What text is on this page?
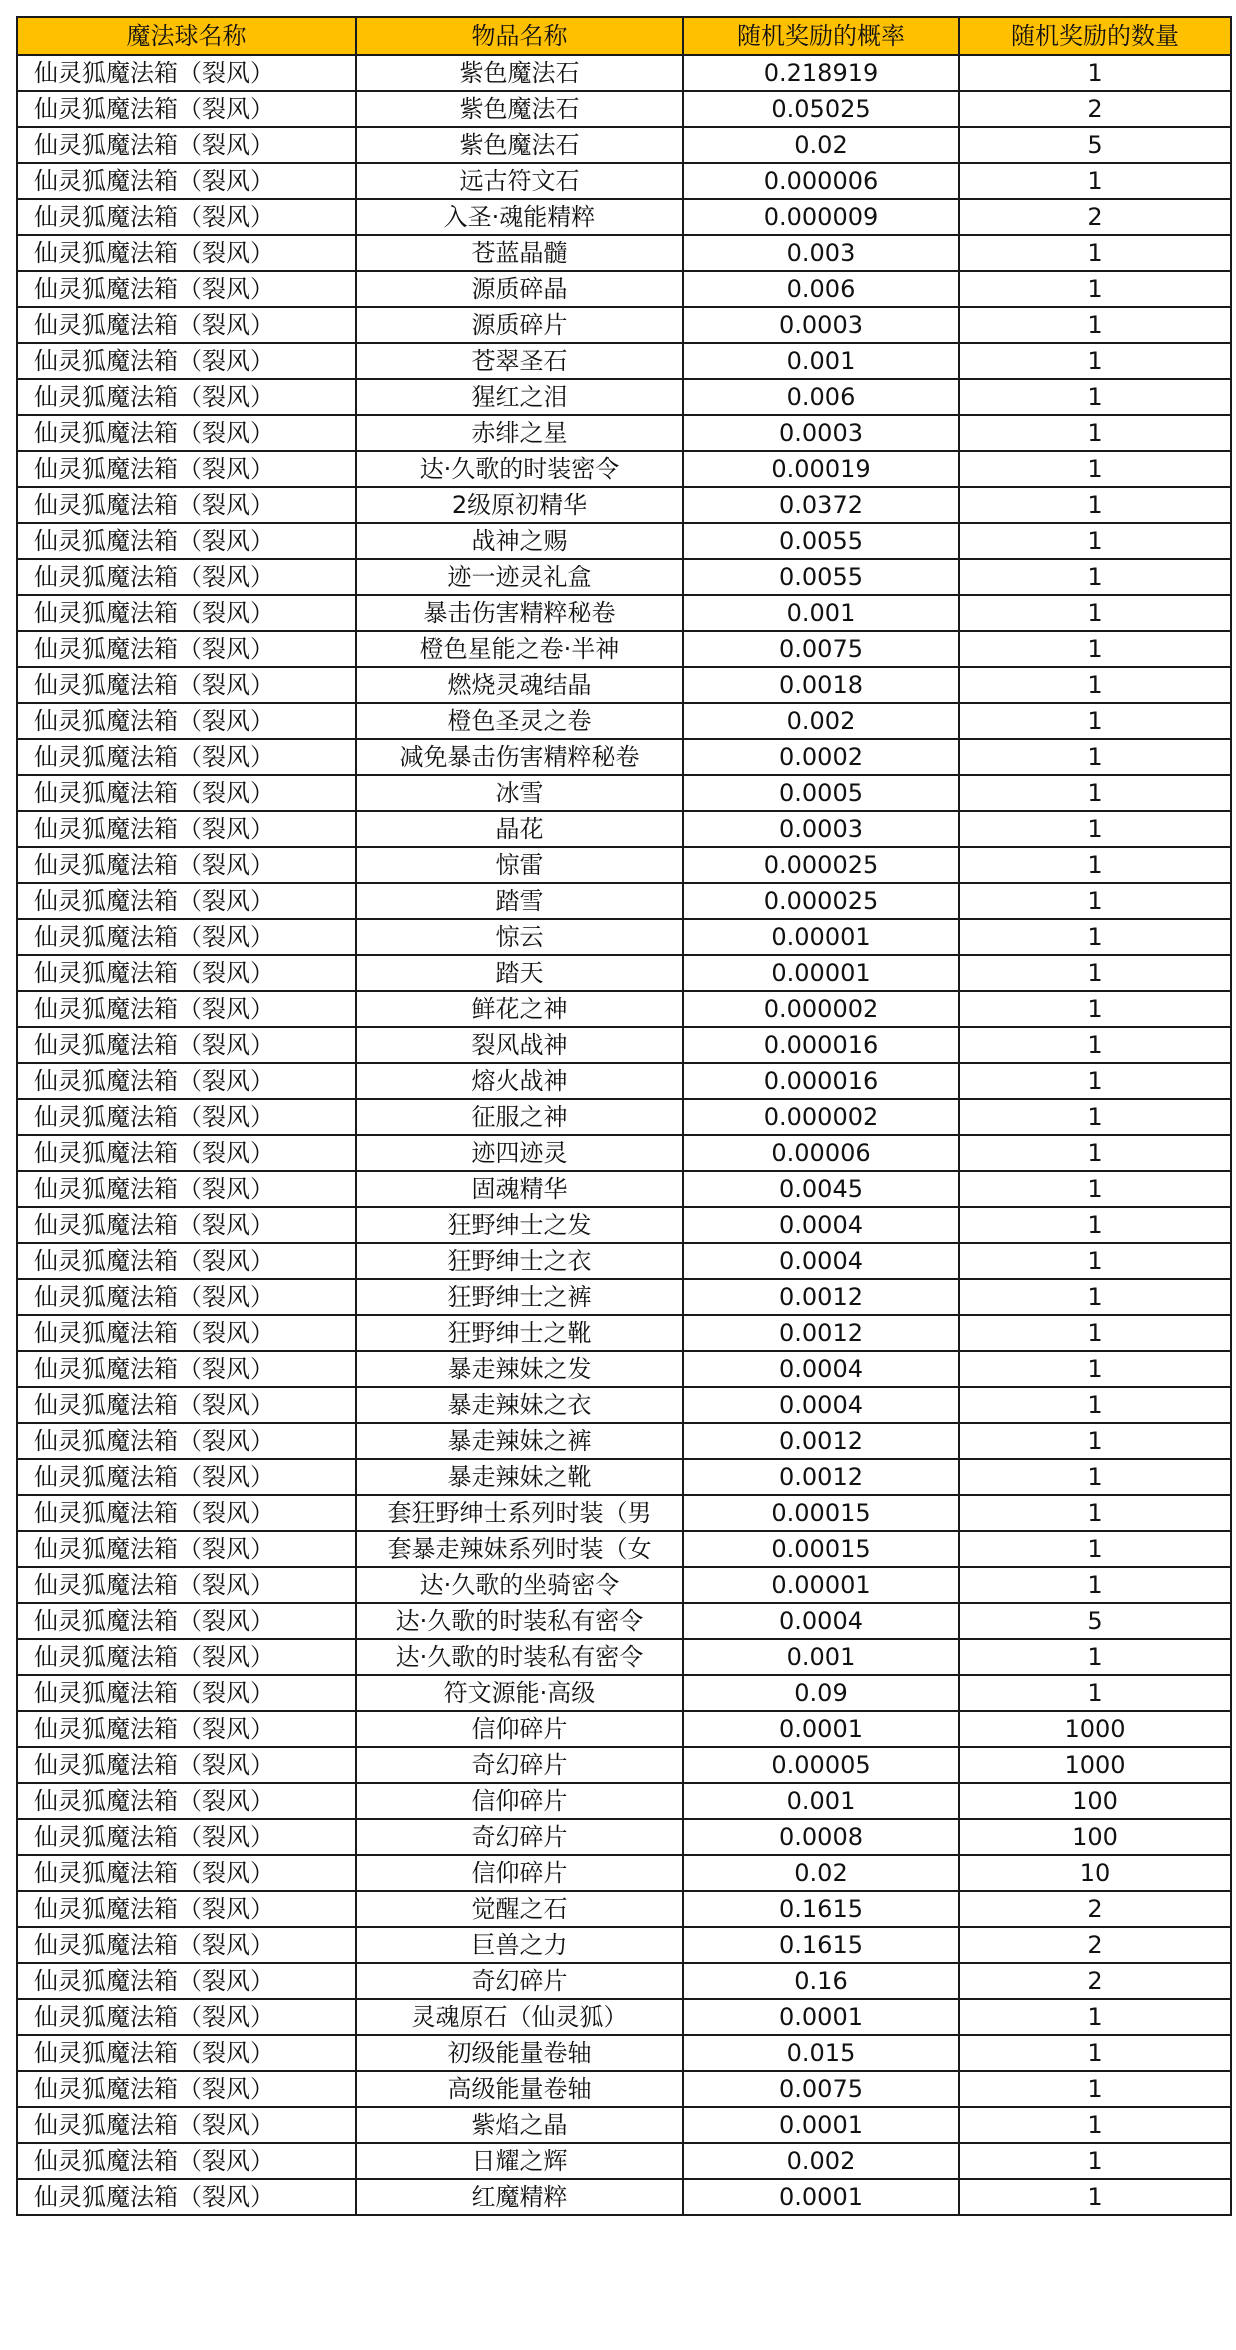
魔法球名称	物品名称	随机奖励的概率	随机奖励的数量
仙灵狐魔法箱（裂风）	紫色魔法石	0.218919	1
仙灵狐魔法箱（裂风）	紫色魔法石	0.05025	2
仙灵狐魔法箱（裂风）	紫色魔法石	0.02	5
仙灵狐魔法箱（裂风）	远古符文石	0.000006	1
仙灵狐魔法箱（裂风）	入圣·魂能精粹	0.000009	2
仙灵狐魔法箱（裂风）	苍蓝晶髓	0.003	1
仙灵狐魔法箱（裂风）	源质碎晶	0.006	1
仙灵狐魔法箱（裂风）	源质碎片	0.0003	1
仙灵狐魔法箱（裂风）	苍翠圣石	0.001	1
仙灵狐魔法箱（裂风）	猩红之泪	0.006	1
仙灵狐魔法箱（裂风）	赤绯之星	0.0003	1
仙灵狐魔法箱（裂风）	达·久歌的时装密令	0.00019	1
仙灵狐魔法箱（裂风）	2级原初精华	0.0372	1
仙灵狐魔法箱（裂风）	战神之赐	0.0055	1
仙灵狐魔法箱（裂风）	迹一迹灵礼盒	0.0055	1
仙灵狐魔法箱（裂风）	暴击伤害精粹秘卷	0.001	1
仙灵狐魔法箱（裂风）	橙色星能之卷·半神	0.0075	1
仙灵狐魔法箱（裂风）	燃烧灵魂结晶	0.0018	1
仙灵狐魔法箱（裂风）	橙色圣灵之卷	0.002	1
仙灵狐魔法箱（裂风）	减免暴击伤害精粹秘卷	0.0002	1
仙灵狐魔法箱（裂风）	冰雪	0.0005	1
仙灵狐魔法箱（裂风）	晶花	0.0003	1
仙灵狐魔法箱（裂风）	惊雷	0.000025	1
仙灵狐魔法箱（裂风）	踏雪	0.000025	1
仙灵狐魔法箱（裂风）	惊云	0.00001	1
仙灵狐魔法箱（裂风）	踏天	0.00001	1
仙灵狐魔法箱（裂风）	鲜花之神	0.000002	1
仙灵狐魔法箱（裂风）	裂风战神	0.000016	1
仙灵狐魔法箱（裂风）	熔火战神	0.000016	1
仙灵狐魔法箱（裂风）	征服之神	0.000002	1
仙灵狐魔法箱（裂风）	迹四迹灵	0.00006	1
仙灵狐魔法箱（裂风）	固魂精华	0.0045	1
仙灵狐魔法箱（裂风）	狂野绅士之发	0.0004	1
仙灵狐魔法箱（裂风）	狂野绅士之衣	0.0004	1
仙灵狐魔法箱（裂风）	狂野绅士之裤	0.0012	1
仙灵狐魔法箱（裂风）	狂野绅士之靴	0.0012	1
仙灵狐魔法箱（裂风）	暴走辣妹之发	0.0004	1
仙灵狐魔法箱（裂风）	暴走辣妹之衣	0.0004	1
仙灵狐魔法箱（裂风）	暴走辣妹之裤	0.0012	1
仙灵狐魔法箱（裂风）	暴走辣妹之靴	0.0012	1
仙灵狐魔法箱（裂风）	套狂野绅士系列时装（男	0.00015	1
仙灵狐魔法箱（裂风）	套暴走辣妹系列时装（女	0.00015	1
仙灵狐魔法箱（裂风）	达·久歌的坐骑密令	0.00001	1
仙灵狐魔法箱（裂风）	达·久歌的时装私有密令	0.0004	5
仙灵狐魔法箱（裂风）	达·久歌的时装私有密令	0.001	1
仙灵狐魔法箱（裂风）	符文源能·高级	0.09	1
仙灵狐魔法箱（裂风）	信仰碎片	0.0001	1000
仙灵狐魔法箱（裂风）	奇幻碎片	0.00005	1000
仙灵狐魔法箱（裂风）	信仰碎片	0.001	100
仙灵狐魔法箱（裂风）	奇幻碎片	0.0008	100
仙灵狐魔法箱（裂风）	信仰碎片	0.02	10
仙灵狐魔法箱（裂风）	觉醒之石	0.1615	2
仙灵狐魔法箱（裂风）	巨兽之力	0.1615	2
仙灵狐魔法箱（裂风）	奇幻碎片	0.16	2
仙灵狐魔法箱（裂风）	灵魂原石（仙灵狐）	0.0001	1
仙灵狐魔法箱（裂风）	初级能量卷轴	0.015	1
仙灵狐魔法箱（裂风）	高级能量卷轴	0.0075	1
仙灵狐魔法箱（裂风）	紫焰之晶	0.0001	1
仙灵狐魔法箱（裂风）	日耀之辉	0.002	1
仙灵狐魔法箱（裂风）	红魔精粹	0.0001	1
